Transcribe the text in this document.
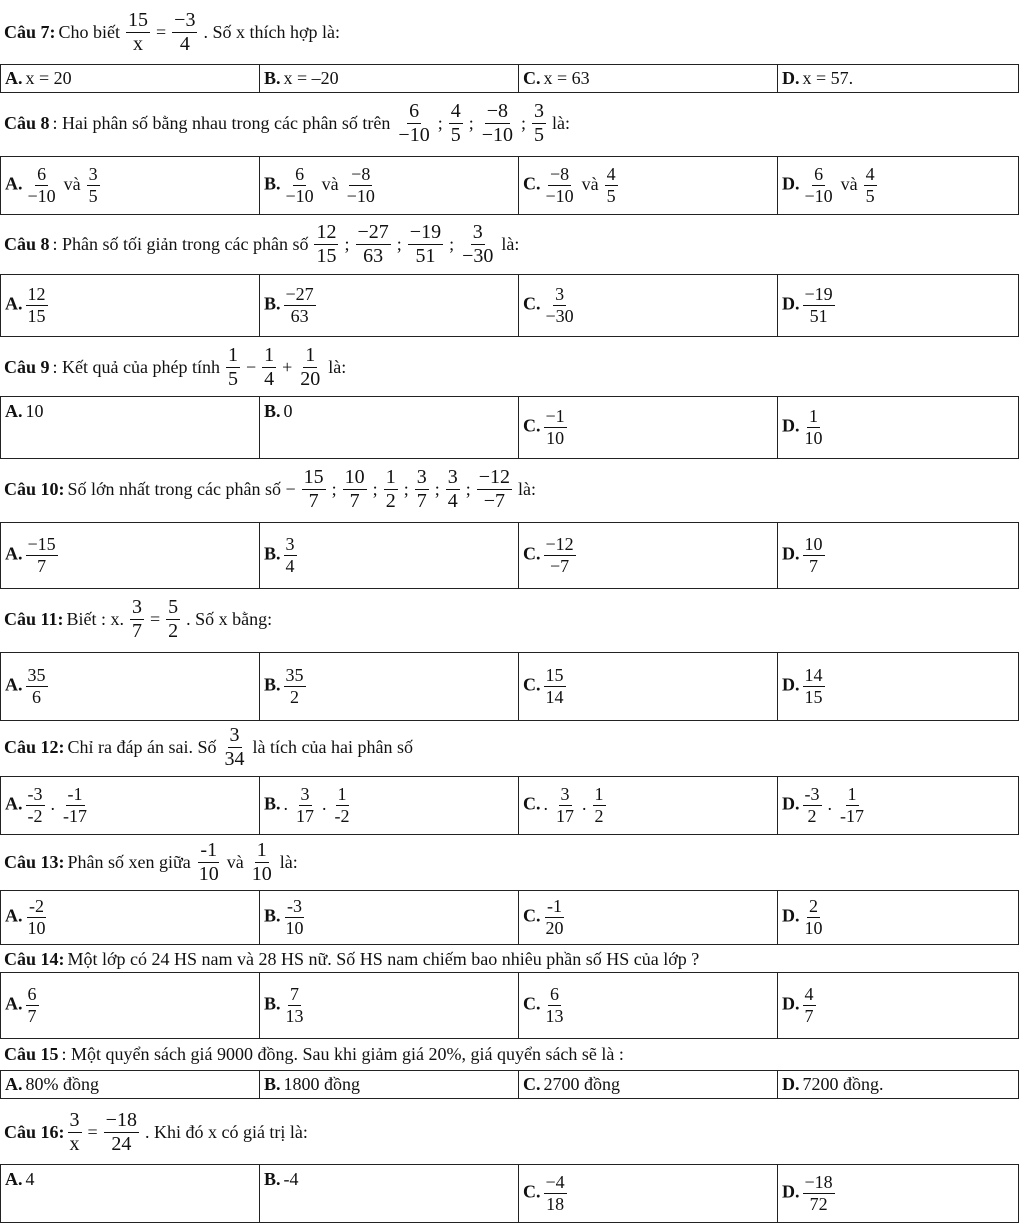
Câu 7: Cho biết $\frac{15}{x} = \frac{-3}{4}$ . Số x thích hợp là:
A. x = 20	B. x = –20	C. x = 63	D. x = 57.
Câu 8 : Hai phân số bằng nhau trong các phân số trên $\frac{6}{-10}$ ; $\frac{4}{5}$ ; $\frac{-8}{-10}$ ; $\frac{3}{5}$ là:
A. $\frac{6}{-10}$ và $\frac{3}{5}$	B. $\frac{6}{-10}$ và $\frac{-8}{-10}$	C. $\frac{-8}{-10}$ và $\frac{4}{5}$	D. $\frac{6}{-10}$ và $\frac{4}{5}$
Câu 8 : Phân số tối giản trong các phân số $\frac{12}{15}$ ; $\frac{-27}{63}$ ; $\frac{-19}{51}$ ; $\frac{3}{-30}$ là:
A. $\frac{12}{15}$	B. $\frac{-27}{63}$	C. $\frac{3}{-30}$	D. $\frac{-19}{51}$
Câu 9 : Kết quả của phép tính $\frac{1}{5} - \frac{1}{4} + \frac{1}{20}$ là:
A. 10	B. 0	C. $\frac{-1}{10}$	D. $\frac{1}{10}$
Câu 10: Số lớn nhất trong các phân số − $\frac{15}{7}$ ; $\frac{10}{7}$ ; $\frac{1}{2}$ ; $\frac{3}{7}$ ; $\frac{3}{4}$ ; $\frac{-12}{-7}$ là:
A. $\frac{-15}{7}$	B. $\frac{3}{4}$	C. $\frac{-12}{-7}$	D. $\frac{10}{7}$
Câu 11: Biết : x. $\frac{3}{7} = \frac{5}{2}$ . Số x bằng:
A. $\frac{35}{6}$	B. $\frac{35}{2}$	C. $\frac{15}{14}$	D. $\frac{14}{15}$
Câu 12: Chỉ ra đáp án sai. Số $\frac{3}{34}$ là tích của hai phân số
A. $\frac{-3}{-2}$ . $\frac{-1}{-17}$	B. . $\frac{3}{17}$ . $\frac{1}{-2}$	C. . $\frac{3}{17}$ . $\frac{1}{2}$	D. $\frac{-3}{2}$ . $\frac{1}{-17}$
Câu 13: Phân số xen giữa $\frac{-1}{10}$ và $\frac{1}{10}$ là:
A. $\frac{-2}{10}$	B. $\frac{-3}{10}$	C. $\frac{-1}{20}$	D. $\frac{2}{10}$
Câu 14: Một lớp có 24 HS nam và 28 HS nữ. Số HS nam chiếm bao nhiêu phần số HS của lớp ?
A. $\frac{6}{7}$	B. $\frac{7}{13}$	C. $\frac{6}{13}$	D. $\frac{4}{7}$
Câu 15 : Một quyển sách giá 9000 đồng. Sau khi giảm giá 20%, giá quyển sách sẽ là :
A. 80% đồng	B. 1800 đồng	C. 2700 đồng	D. 7200 đồng.
Câu 16: $\frac{3}{x} = \frac{-18}{24}$ . Khi đó x có giá trị là:
A. 4	B. -4	C. $\frac{-4}{18}$	D. $\frac{-18}{72}$
